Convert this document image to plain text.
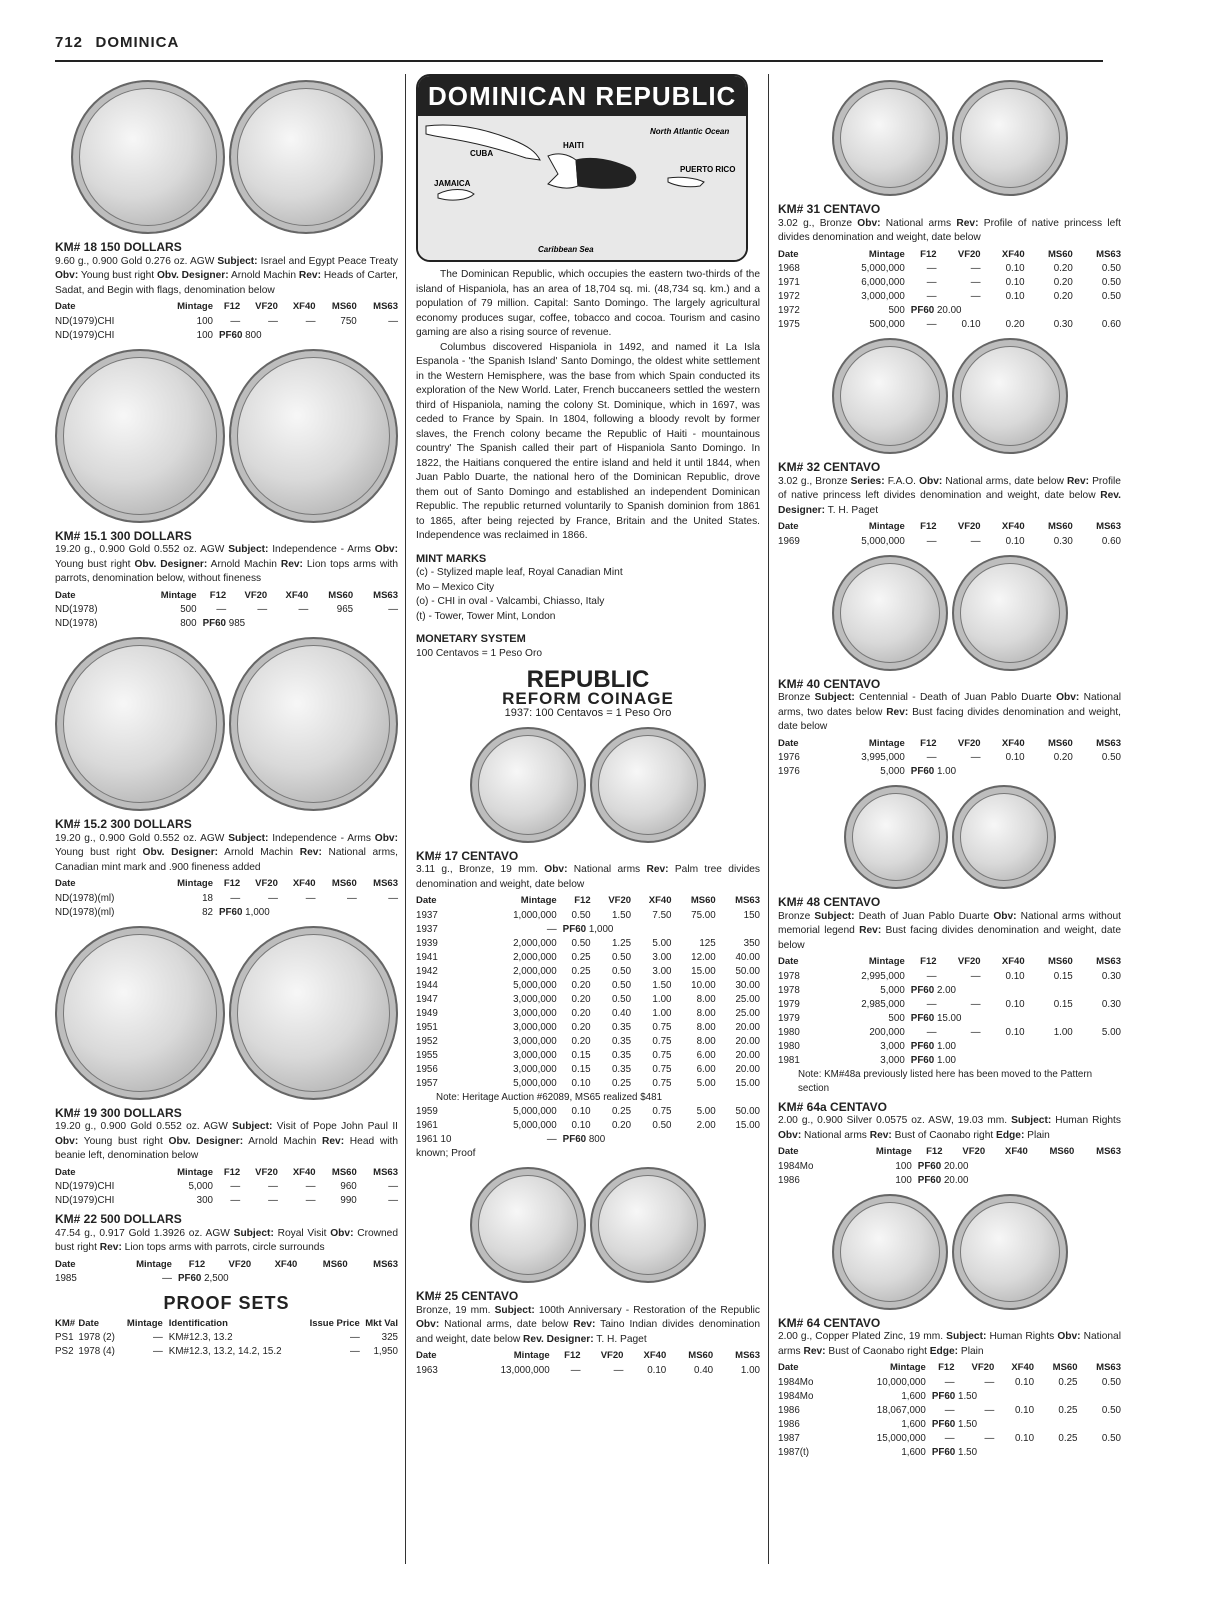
712 DOMINICA
KM# 18 150 DOLLARS
9.60 g., 0.900 Gold 0.276 oz. AGW Subject: Israel and Egypt Peace Treaty Obv: Young bust right Obv. Designer: Arnold Machin Rev: Heads of Carter, Sadat, and Begin with flags, denomination below
Date	Mintage	F12	VF20	XF40	MS60	MS63
ND(1979)CHI	100	—	—	—	750	—
ND(1979)CHI	100	PF60 800				
KM# 15.1 300 DOLLARS
19.20 g., 0.900 Gold 0.552 oz. AGW Subject: Independence - Arms Obv: Young bust right Obv. Designer: Arnold Machin Rev: Lion tops arms with parrots, denomination below, without fineness
Date	Mintage	F12	VF20	XF40	MS60	MS63
ND(1978)	500	—	—	—	965	—
ND(1978)	800	PF60 985				
KM# 15.2 300 DOLLARS
19.20 g., 0.900 Gold 0.552 oz. AGW Subject: Independence - Arms Obv: Young bust right Obv. Designer: Arnold Machin Rev: National arms, Canadian mint mark and .900 fineness added
Date	Mintage	F12	VF20	XF40	MS60	MS63
ND(1978)(ml)	18	—	—	—	—	—
ND(1978)(ml)	82	PF60 1,000				
KM# 19 300 DOLLARS
19.20 g., 0.900 Gold 0.552 oz. AGW Subject: Visit of Pope John Paul II Obv: Young bust right Obv. Designer: Arnold Machin Rev: Head with beanie left, denomination below
Date	Mintage	F12	VF20	XF40	MS60	MS63
ND(1979)CHI	5,000	—	—	—	960	—
ND(1979)CHI	300	—	—	—	990	—
KM# 22 500 DOLLARS
47.54 g., 0.917 Gold 1.3926 oz. AGW Subject: Royal Visit Obv: Crowned bust right Rev: Lion tops arms with parrots, circle surrounds
Date	Mintage	F12	VF20	XF40	MS60	MS63
1985	—	PF60 2,500				
PROOF SETS
KM#	Date	Mintage	Identification	Issue Price	Mkt Val
PS1	1978 (2)	—	KM#12.3, 13.2	—	325
PS2	1978 (4)	—	KM#12.3, 13.2, 14.2, 15.2	—	1,950
DOMINICAN REPUBLIC
CUBA
HAITI
JAMAICA
PUERTO RICO
North Atlantic Ocean
Caribbean Sea
The Dominican Republic, which occupies the eastern two-thirds of the island of Hispaniola, has an area of 18,704 sq. mi. (48,734 sq. km.) and a population of 79 million. Capital: Santo Domingo. The largely agricultural economy produces sugar, coffee, tobacco and cocoa. Tourism and casino gaming are also a rising source of revenue.
Columbus discovered Hispaniola in 1492, and named it La Isla Espanola - 'the Spanish Island' Santo Domingo, the oldest white settlement in the Western Hemisphere, was the base from which Spain conducted its exploration of the New World. Later, French buccaneers settled the western third of Hispaniola, naming the colony St. Dominique, which in 1697, was ceded to France by Spain. In 1804, following a bloody revolt by former slaves, the French colony became the Republic of Haiti - mountainous country' The Spanish called their part of Hispaniola Santo Domingo. In 1822, the Haitians conquered the entire island and held it until 1844, when Juan Pablo Duarte, the national hero of the Dominican Republic, drove them out of Santo Domingo and established an independent Dominican Republic. The republic returned voluntarily to Spanish dominion from 1861 to 1865, after being rejected by France, Britain and the United States. Independence was reclaimed in 1866.
MINT MARKS
(c) - Stylized maple leaf, Royal Canadian Mint
Mo – Mexico City
(o) - CHI in oval - Valcambi, Chiasso, Italy
(t) - Tower, Tower Mint, London
MONETARY SYSTEM
100 Centavos = 1 Peso Oro
REPUBLIC
REFORM COINAGE
1937: 100 Centavos = 1 Peso Oro
KM# 17 CENTAVO
3.11 g., Bronze, 19 mm. Obv: National arms Rev: Palm tree divides denomination and weight, date below
Date	Mintage	F12	VF20	XF40	MS60	MS63
1937	1,000,000	0.50	1.50	7.50	75.00	150
1937	—	PF60 1,000				
1939	2,000,000	0.50	1.25	5.00	125	350
1941	2,000,000	0.25	0.50	3.00	12.00	40.00
1942	2,000,000	0.25	0.50	3.00	15.00	50.00
1944	5,000,000	0.20	0.50	1.50	10.00	30.00
1947	3,000,000	0.20	0.50	1.00	8.00	25.00
1949	3,000,000	0.20	0.40	1.00	8.00	25.00
1951	3,000,000	0.20	0.35	0.75	8.00	20.00
1952	3,000,000	0.20	0.35	0.75	8.00	20.00
1955	3,000,000	0.15	0.35	0.75	6.00	20.00
1956	3,000,000	0.15	0.35	0.75	6.00	20.00
1957	5,000,000	0.10	0.25	0.75	5.00	15.00
Note: Heritage Auction #62089, MS65 realized $481						
1959	5,000,000	0.10	0.25	0.75	5.00	50.00
1961	5,000,000	0.10	0.20	0.50	2.00	15.00
1961 10	—	PF60 800				
known; Proof
KM# 25 CENTAVO
Bronze, 19 mm. Subject: 100th Anniversary - Restoration of the Republic Obv: National arms, date below Rev: Taino Indian divides denomination and weight, date below Rev. Designer: T. H. Paget
Date	Mintage	F12	VF20	XF40	MS60	MS63
1963	13,000,000	—	—	0.10	0.40	1.00
KM# 31 CENTAVO
3.02 g., Bronze Obv: National arms Rev: Profile of native princess left divides denomination and weight, date below
Date	Mintage	F12	VF20	XF40	MS60	MS63
1968	5,000,000	—	—	0.10	0.20	0.50
1971	6,000,000	—	—	0.10	0.20	0.50
1972	3,000,000	—	—	0.10	0.20	0.50
1972	500	PF60 20.00				
1975	500,000	—	0.10	0.20	0.30	0.60
KM# 32 CENTAVO
3.02 g., Bronze Series: F.A.O. Obv: National arms, date below Rev: Profile of native princess left divides denomination and weight, date below Rev. Designer: T. H. Paget
Date	Mintage	F12	VF20	XF40	MS60	MS63
1969	5,000,000	—	—	0.10	0.30	0.60
KM# 40 CENTAVO
Bronze Subject: Centennial - Death of Juan Pablo Duarte Obv: National arms, two dates below Rev: Bust facing divides denomination and weight, date below
Date	Mintage	F12	VF20	XF40	MS60	MS63
1976	3,995,000	—	—	0.10	0.20	0.50
1976	5,000	PF60 1.00				
KM# 48 CENTAVO
Bronze Subject: Death of Juan Pablo Duarte Obv: National arms without memorial legend Rev: Bust facing divides denomination and weight, date below
Date	Mintage	F12	VF20	XF40	MS60	MS63
1978	2,995,000	—	—	0.10	0.15	0.30
1978	5,000	PF60 2.00				
1979	2,985,000	—	—	0.10	0.15	0.30
1979	500	PF60 15.00				
1980	200,000	—	—	0.10	1.00	5.00
1980	3,000	PF60 1.00				
1981	3,000	PF60 1.00				
Note: KM#48a previously listed here has been moved to the Pattern section						
KM# 64a CENTAVO
2.00 g., 0.900 Silver 0.0575 oz. ASW, 19.03 mm. Subject: Human Rights Obv: National arms Rev: Bust of Caonabo right Edge: Plain
Date	Mintage	F12	VF20	XF40	MS60	MS63
1984Mo	100	PF60 20.00				
1986	100	PF60 20.00				
KM# 64 CENTAVO
2.00 g., Copper Plated Zinc, 19 mm. Subject: Human Rights Obv: National arms Rev: Bust of Caonabo right Edge: Plain
Date	Mintage	F12	VF20	XF40	MS60	MS63
1984Mo	10,000,000	—	—	0.10	0.25	0.50
1984Mo	1,600	PF60 1.50				
1986	18,067,000	—	—	0.10	0.25	0.50
1986	1,600	PF60 1.50				
1987	15,000,000	—	—	0.10	0.25	0.50
1987(t)	1,600	PF60 1.50				
